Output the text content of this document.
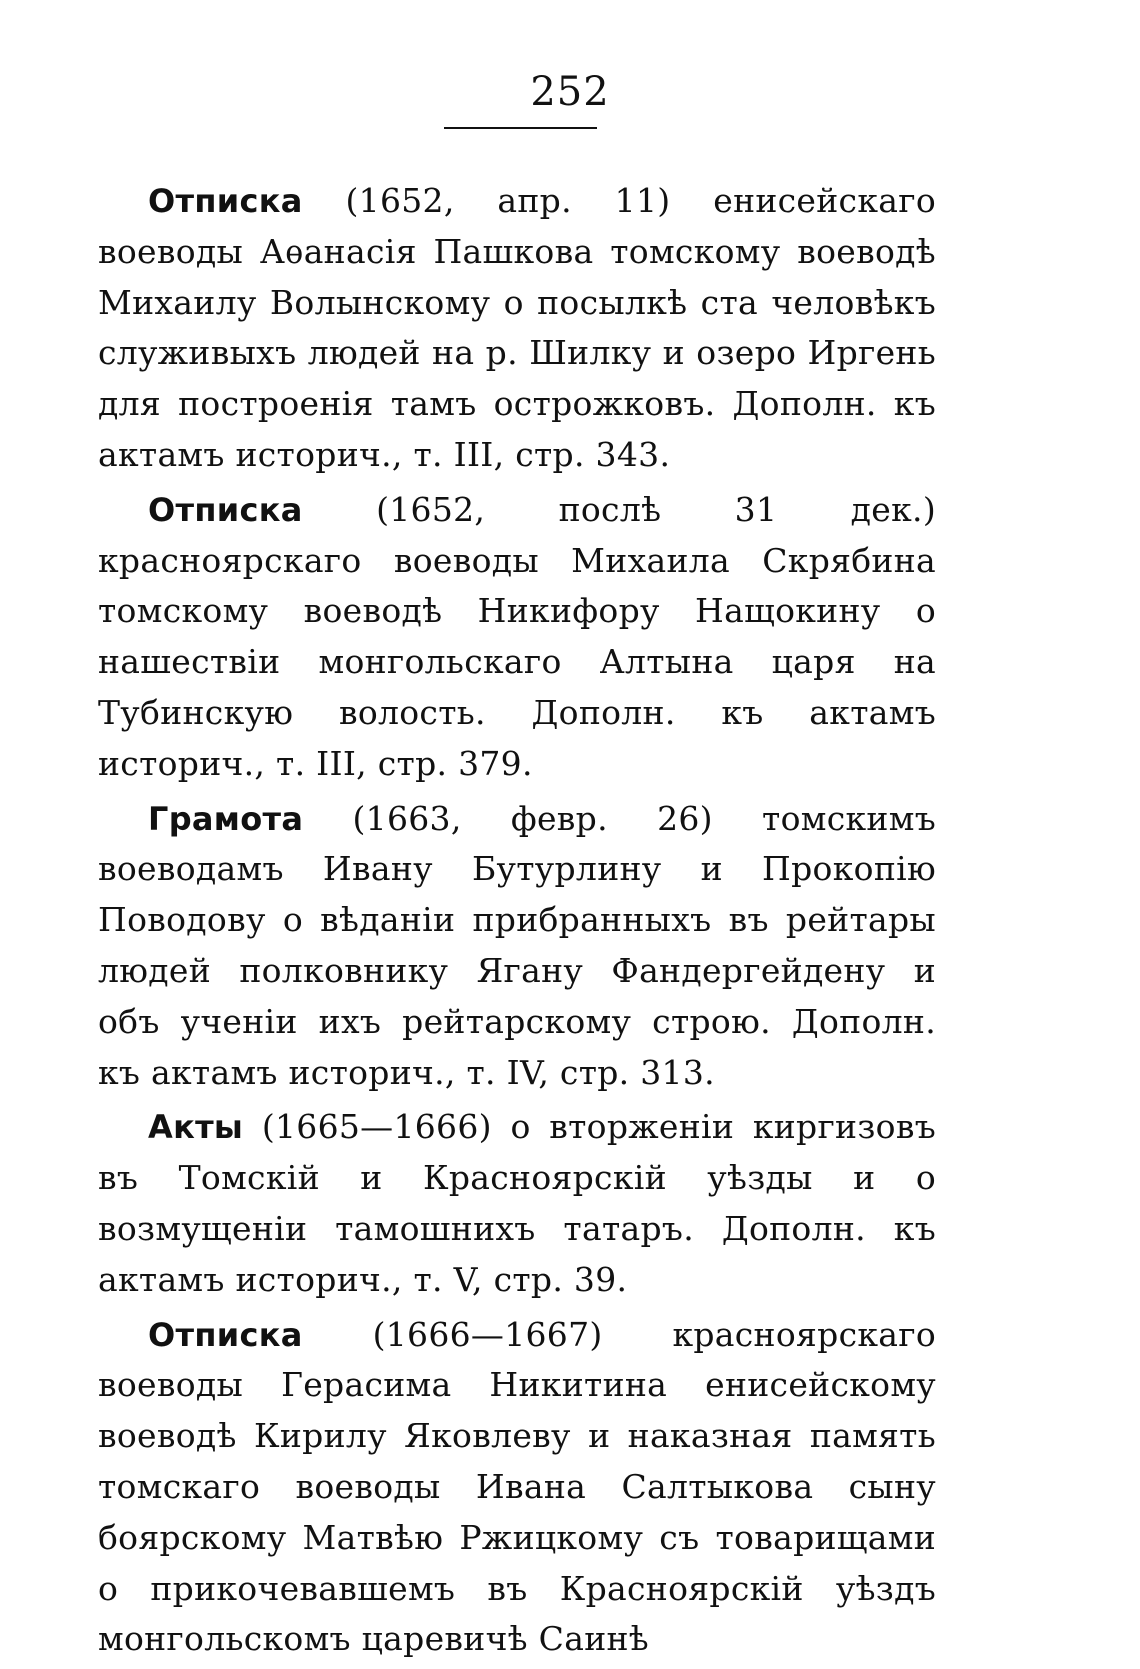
252

Отписка (1652, апр. 11) енисейскаго воеводы Аѳанасія Пашкова томскому воеводѣ Михаилу Волынскому о посылкѣ ста человѣкъ служивыхъ людей на р. Шилку и озеро Иргень для построенія тамъ острожковъ. Дополн. къ актамъ историч., т. III, стр. 343.

Отписка (1652, послѣ 31 дек.) красноярскаго воеводы Михаила Скрябина томскому воеводѣ Никифору Нащокину о нашествіи монгольскаго Алтына царя на Тубинскую волость. Дополн. къ актамъ историч., т. III, стр. 379.

Грамота (1663, февр. 26) томскимъ воеводамъ Ивану Бутурлину и Прокопію Поводову о вѣданіи прибранныхъ въ рейтары людей полковнику Ягану Фандергейдену и объ ученіи ихъ рейтарскому строю. Дополн. къ актамъ историч., т. IV, стр. 313.

Акты (1665—1666) о вторженіи киргизовъ въ Томскій и Красноярскій уѣзды и о возмущеніи тамошнихъ татаръ. Дополн. къ актамъ историч., т. V, стр. 39.

Отписка (1666—1667) красноярскаго воеводы Герасима Никитина енисейскому воеводѣ Кирилу Яковлеву и наказная память томскаго воеводы Ивана Салтыкова сыну боярскому Матвѣю Ржицкому съ товарищами о прикочевавшемъ въ Красноярскій уѣздъ монгольскомъ царевичѣ Саинѣ
